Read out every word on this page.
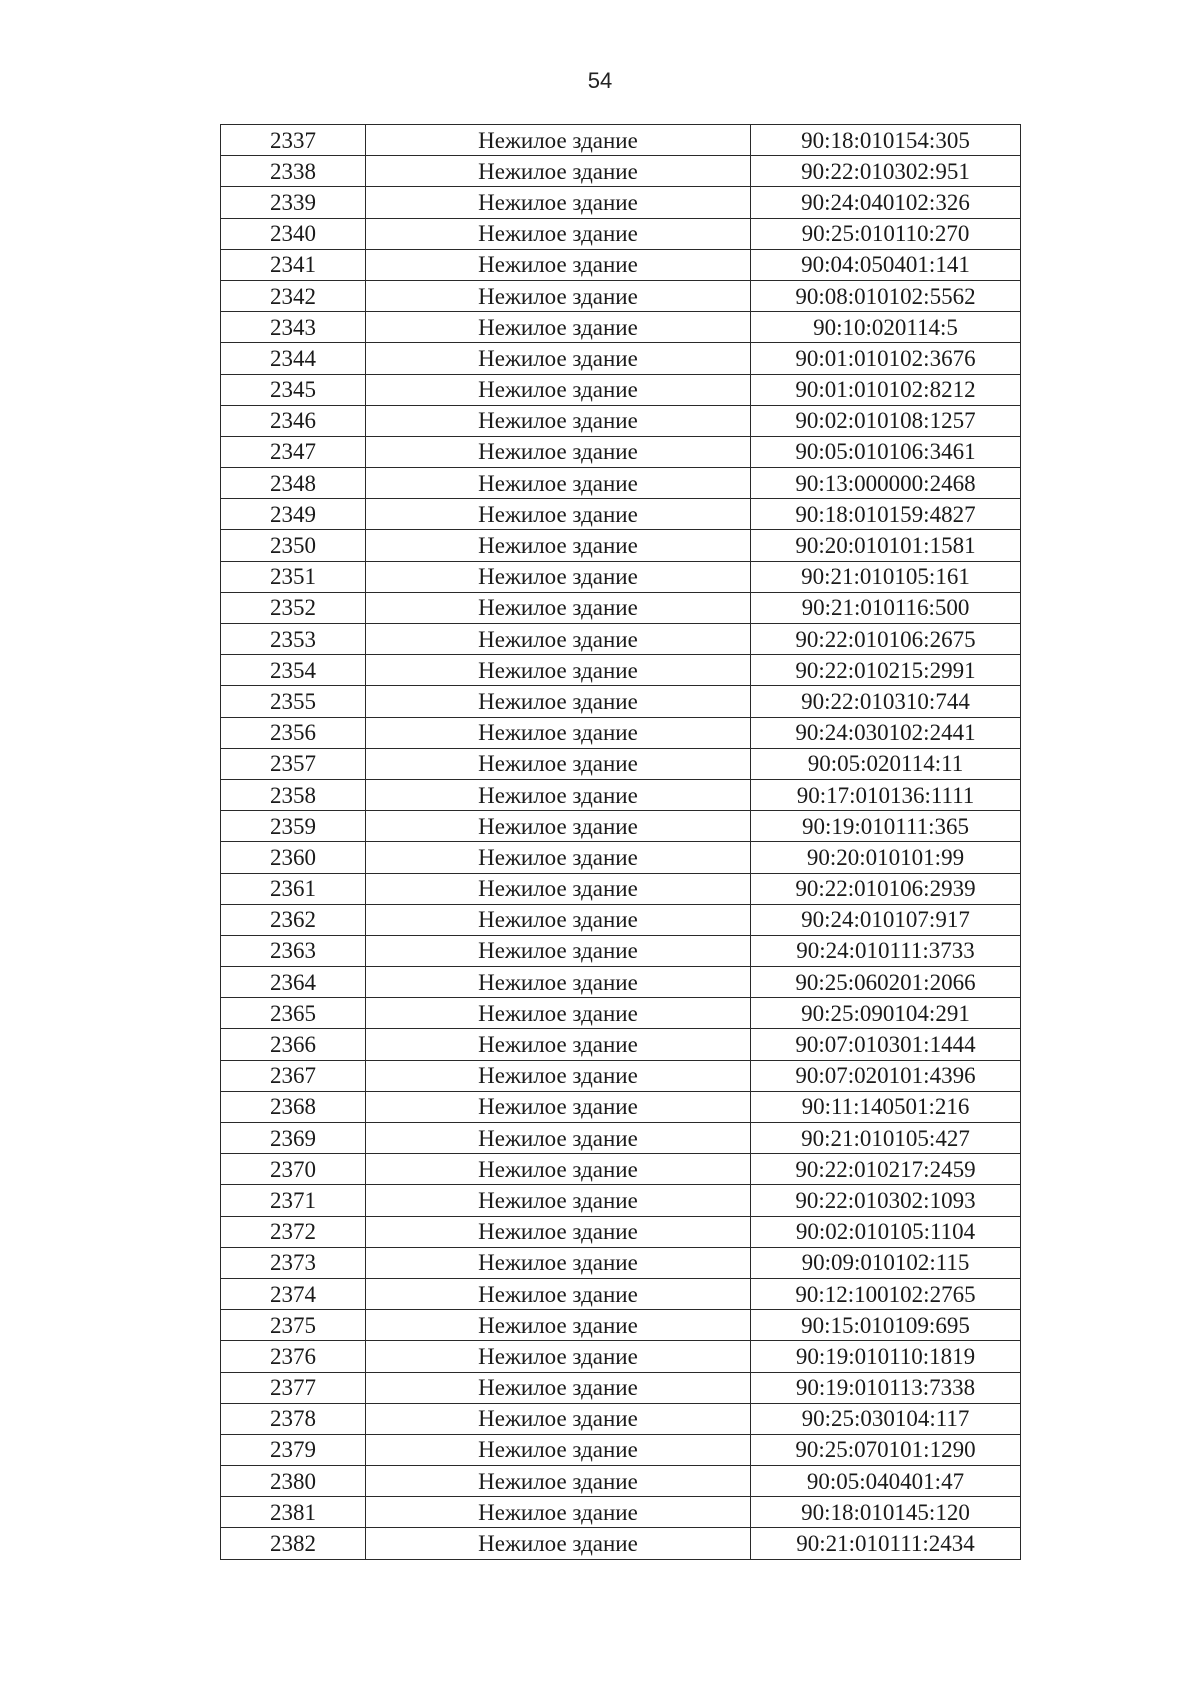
54
2337	Нежилое здание	90:18:010154:305
2338	Нежилое здание	90:22:010302:951
2339	Нежилое здание	90:24:040102:326
2340	Нежилое здание	90:25:010110:270
2341	Нежилое здание	90:04:050401:141
2342	Нежилое здание	90:08:010102:5562
2343	Нежилое здание	90:10:020114:5
2344	Нежилое здание	90:01:010102:3676
2345	Нежилое здание	90:01:010102:8212
2346	Нежилое здание	90:02:010108:1257
2347	Нежилое здание	90:05:010106:3461
2348	Нежилое здание	90:13:000000:2468
2349	Нежилое здание	90:18:010159:4827
2350	Нежилое здание	90:20:010101:1581
2351	Нежилое здание	90:21:010105:161
2352	Нежилое здание	90:21:010116:500
2353	Нежилое здание	90:22:010106:2675
2354	Нежилое здание	90:22:010215:2991
2355	Нежилое здание	90:22:010310:744
2356	Нежилое здание	90:24:030102:2441
2357	Нежилое здание	90:05:020114:11
2358	Нежилое здание	90:17:010136:1111
2359	Нежилое здание	90:19:010111:365
2360	Нежилое здание	90:20:010101:99
2361	Нежилое здание	90:22:010106:2939
2362	Нежилое здание	90:24:010107:917
2363	Нежилое здание	90:24:010111:3733
2364	Нежилое здание	90:25:060201:2066
2365	Нежилое здание	90:25:090104:291
2366	Нежилое здание	90:07:010301:1444
2367	Нежилое здание	90:07:020101:4396
2368	Нежилое здание	90:11:140501:216
2369	Нежилое здание	90:21:010105:427
2370	Нежилое здание	90:22:010217:2459
2371	Нежилое здание	90:22:010302:1093
2372	Нежилое здание	90:02:010105:1104
2373	Нежилое здание	90:09:010102:115
2374	Нежилое здание	90:12:100102:2765
2375	Нежилое здание	90:15:010109:695
2376	Нежилое здание	90:19:010110:1819
2377	Нежилое здание	90:19:010113:7338
2378	Нежилое здание	90:25:030104:117
2379	Нежилое здание	90:25:070101:1290
2380	Нежилое здание	90:05:040401:47
2381	Нежилое здание	90:18:010145:120
2382	Нежилое здание	90:21:010111:2434
